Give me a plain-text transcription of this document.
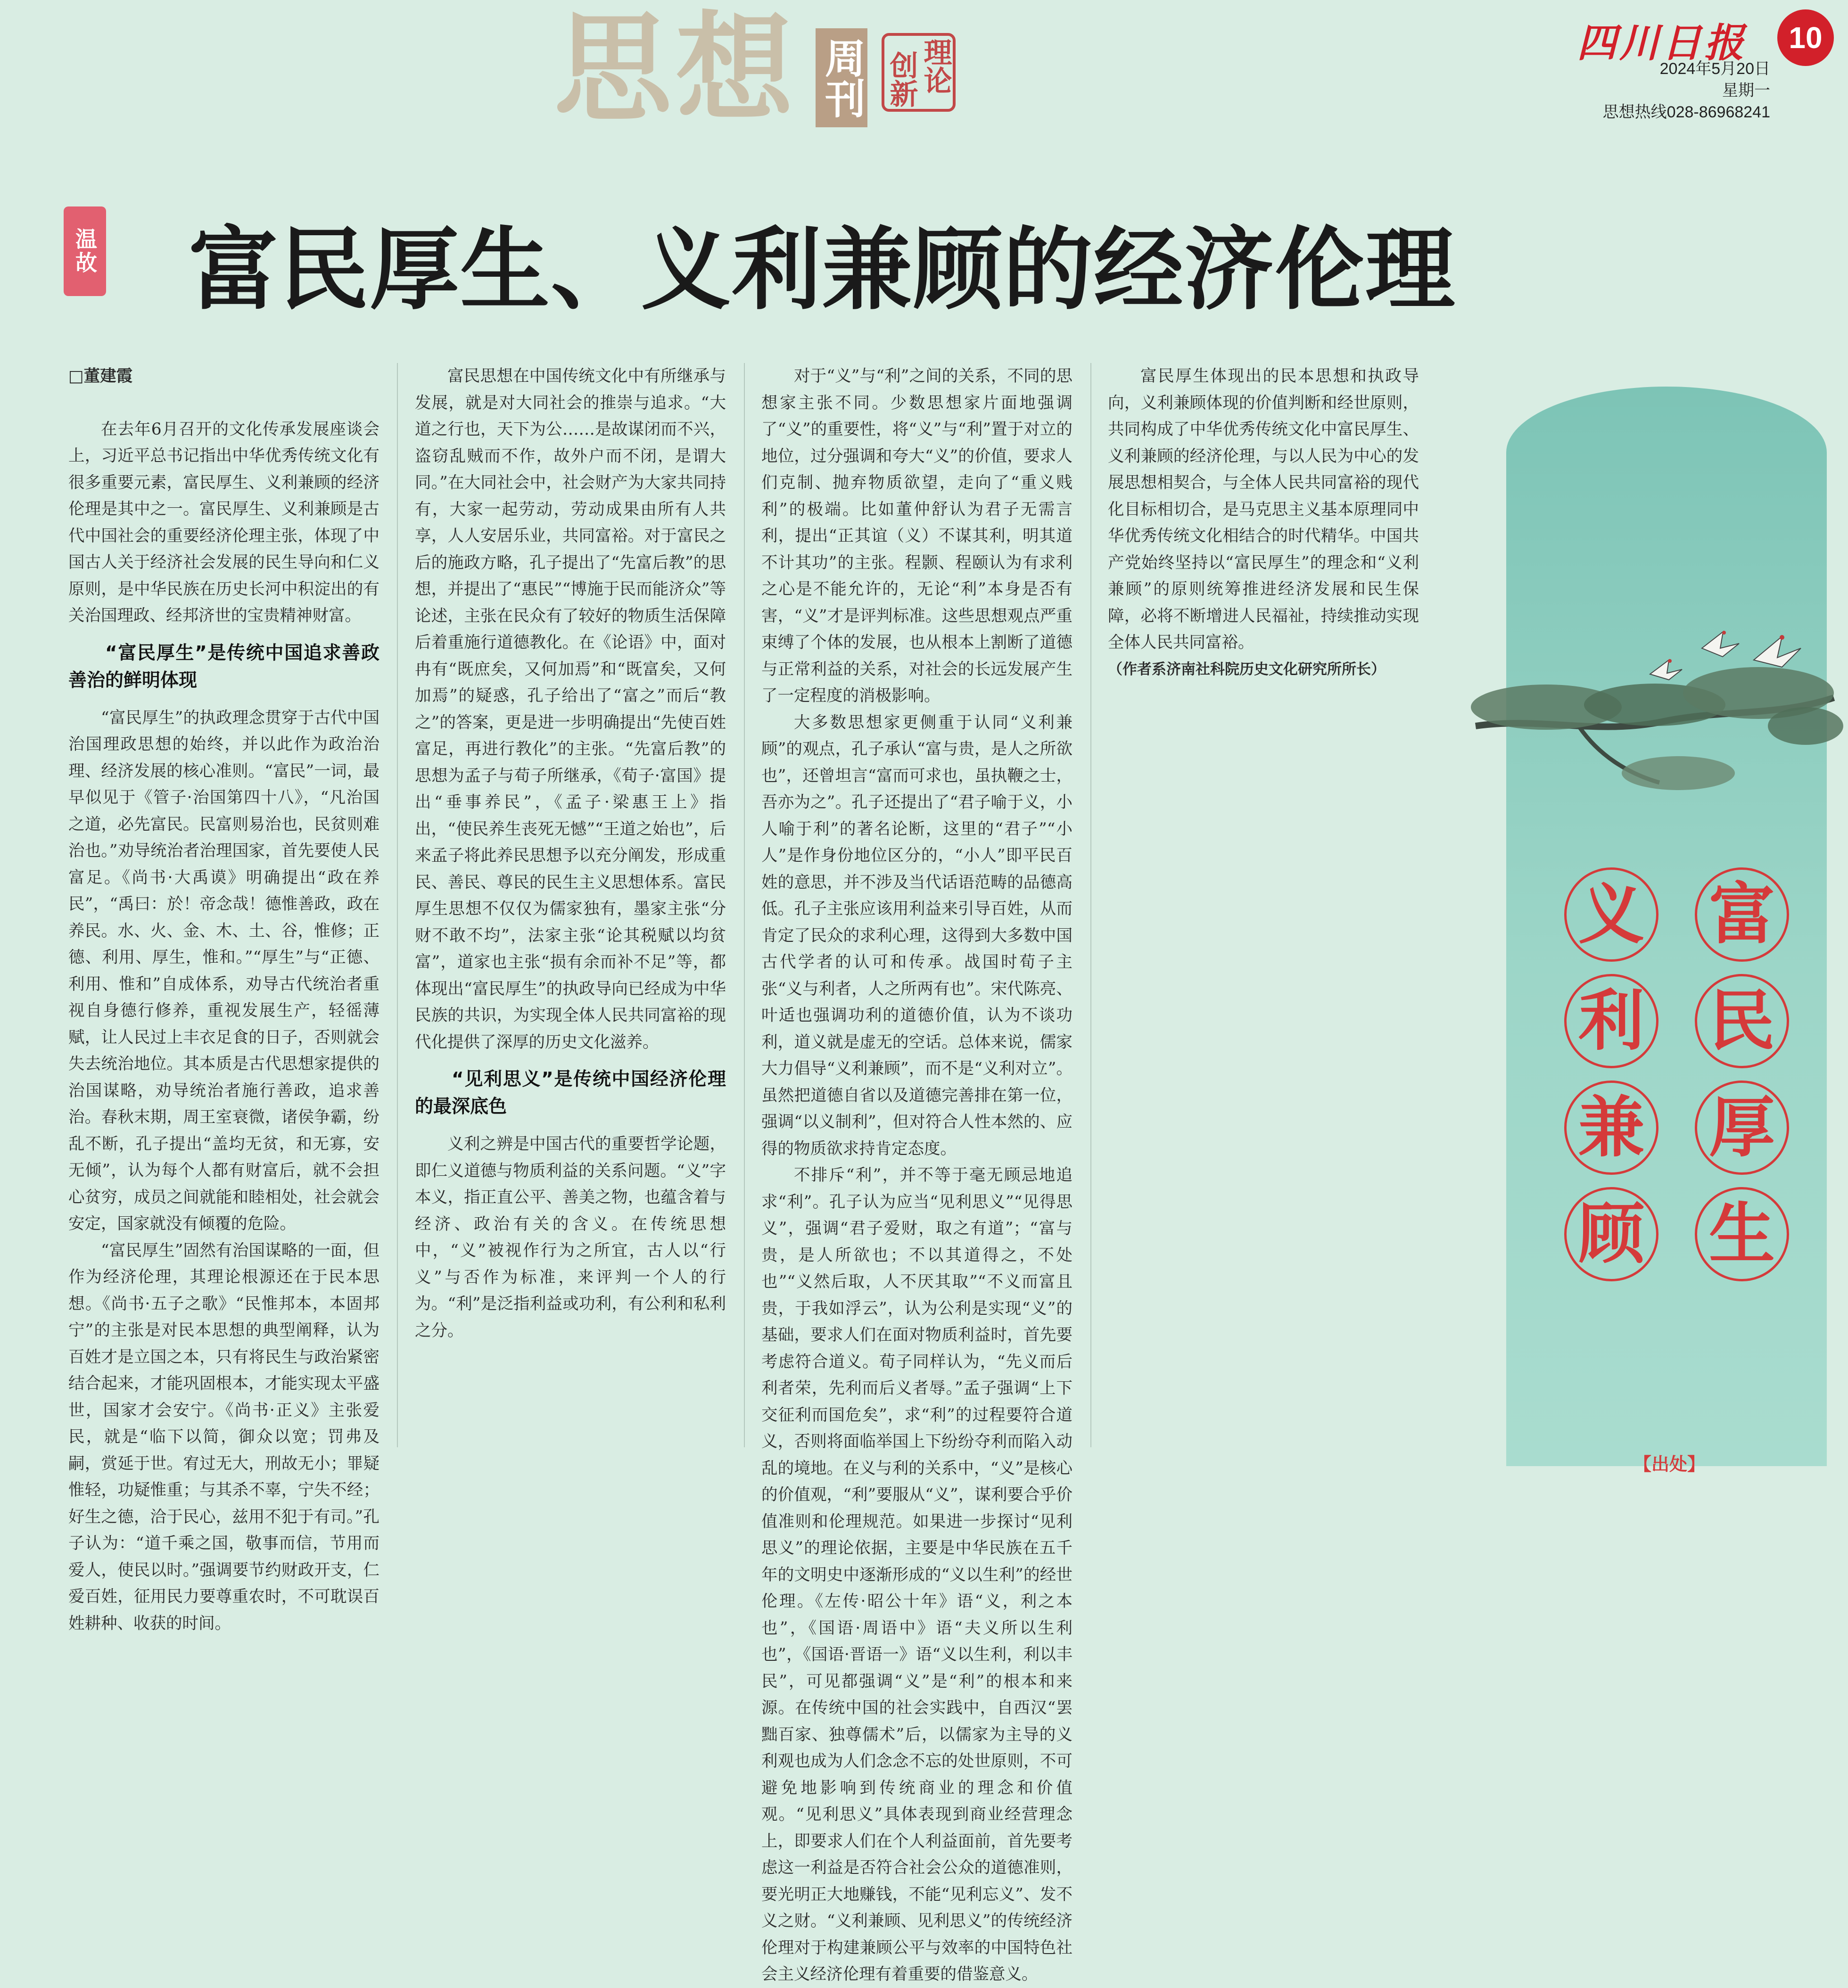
思想 周刊 理论
创新
四川日报	10
2024年5月20日
星期一
思想热线028-86968241
温故 富民厚生、义利兼顾的经济伦理

□董建霞

在去年6月召开的文化传承发展座谈会上，习近平总书记指出中华优秀传统文化有很多重要元素，富民厚生、义利兼顾的经济伦理是其中之一。富民厚生、义利兼顾是古代中国社会的重要经济伦理主张，体现了中国古人关于经济社会发展的民生导向和仁义原则，是中华民族在历史长河中积淀出的有关治国理政、经邦济世的宝贵精神财富。

“富民厚生”是传统中国追求善政善治的鲜明体现

“富民厚生”的执政理念贯穿于古代中国治国理政思想的始终，并以此作为政治治理、经济发展的核心准则。“富民”一词，最早似见于《管子·治国第四十八》，“凡治国之道，必先富民。民富则易治也，民贫则难治也。”劝导统治者治理国家，首先要使人民富足。《尚书·大禹谟》明确提出“政在养民”，“禹曰：於！帝念哉！德惟善政，政在养民。水、火、金、木、土、谷，惟修；正德、利用、厚生，惟和。”“厚生”与“正德、利用、惟和”自成体系，劝导古代统治者重视自身德行修养，重视发展生产，轻徭薄赋，让人民过上丰衣足食的日子，否则就会失去统治地位。其本质是古代思想家提供的治国谋略，劝导统治者施行善政，追求善治。春秋末期，周王室衰微，诸侯争霸，纷乱不断，孔子提出“盖均无贫，和无寡，安无倾”，认为每个人都有财富后，就不会担心贫穷，成员之间就能和睦相处，社会就会安定，国家就没有倾覆的危险。

“富民厚生”固然有治国谋略的一面，但作为经济伦理，其理论根源还在于民本思想。《尚书·五子之歌》“民惟邦本，本固邦宁”的主张是对民本思想的典型阐释，认为百姓才是立国之本，只有将民生与政治紧密结合起来，才能巩固根本，才能实现太平盛世，国家才会安宁。《尚书·正义》主张爱民，就是“临下以简，御众以宽；罚弗及嗣，赏延于世。宥过无大，刑故无小；罪疑惟轻，功疑惟重；与其杀不辜，宁失不经；好生之德，洽于民心，兹用不犯于有司。”孔子认为：“道千乘之国，敬事而信，节用而爱人，使民以时。”强调要节约财政开支，仁爱百姓，征用民力要尊重农时，不可耽误百姓耕种、收获的时间。

富民思想在中国传统文化中有所继承与发展，就是对大同社会的推崇与追求。“大道之行也，天下为公……是故谋闭而不兴，盗窃乱贼而不作，故外户而不闭，是谓大同。”在大同社会中，社会财产为大家共同持有，大家一起劳动，劳动成果由所有人共享，人人安居乐业，共同富裕。对于富民之后的施政方略，孔子提出了“先富后教”的思想，并提出了“惠民”“博施于民而能济众”等论述，主张在民众有了较好的物质生活保障后着重施行道德教化。在《论语》中，面对冉有“既庶矣，又何加焉”和“既富矣，又何加焉”的疑惑，孔子给出了“富之”而后“教之”的答案，更是进一步明确提出“先使百姓富足，再进行教化”的主张。“先富后教”的思想为孟子与荀子所继承，《荀子·富国》提出“垂事养民”，《孟子·梁惠王上》指出，“使民养生丧死无憾”“王道之始也”，后来孟子将此养民思想予以充分阐发，形成重民、善民、尊民的民生主义思想体系。富民厚生思想不仅仅为儒家独有，墨家主张“分财不敢不均”，法家主张“论其税赋以均贫富”，道家也主张“损有余而补不足”等，都体现出“富民厚生”的执政导向已经成为中华民族的共识，为实现全体人民共同富裕的现代化提供了深厚的历史文化滋养。

“见利思义”是传统中国经济伦理的最深底色

义利之辨是中国古代的重要哲学论题，即仁义道德与物质利益的关系问题。“义”字本义，指正直公平、善美之物，也蕴含着与经济、政治有关的含义。在传统思想中，“义”被视作行为之所宜，古人以“行义”与否作为标准，来评判一个人的行为。“利”是泛指利益或功利，有公利和私利之分。

对于“义”与“利”之间的关系，不同的思想家主张不同。少数思想家片面地强调了“义”的重要性，将“义”与“利”置于对立的地位，过分强调和夸大“义”的价值，要求人们克制、抛弃物质欲望，走向了“重义贱利”的极端。比如董仲舒认为君子无需言利，提出“正其谊（义）不谋其利，明其道不计其功”的主张。程颢、程颐认为有求利之心是不能允许的，无论“利”本身是否有害，“义”才是评判标准。这些思想观点严重束缚了个体的发展，也从根本上割断了道德与正常利益的关系，对社会的长远发展产生了一定程度的消极影响。

大多数思想家更侧重于认同“义利兼顾”的观点，孔子承认“富与贵，是人之所欲也”，还曾坦言“富而可求也，虽执鞭之士，吾亦为之”。孔子还提出了“君子喻于义，小人喻于利”的著名论断，这里的“君子”“小人”是作身份地位区分的，“小人”即平民百姓的意思，并不涉及当代话语范畴的品德高低。孔子主张应该用利益来引导百姓，从而肯定了民众的求利心理，这得到大多数中国古代学者的认可和传承。战国时荀子主张“义与利者，人之所两有也”。宋代陈亮、叶适也强调功利的道德价值，认为不谈功利，道义就是虚无的空话。总体来说，儒家大力倡导“义利兼顾”，而不是“义利对立”。虽然把道德自省以及道德完善排在第一位，强调“以义制利”，但对符合人性本然的、应得的物质欲求持肯定态度。

不排斥“利”，并不等于毫无顾忌地追求“利”。孔子认为应当“见利思义”“见得思义”，强调“君子爱财，取之有道”；“富与贵，是人所欲也；不以其道得之，不处也”“义然后取，人不厌其取”“不义而富且贵，于我如浮云”，认为公利是实现“义”的基础，要求人们在面对物质利益时，首先要考虑符合道义。荀子同样认为，“先义而后利者荣，先利而后义者辱。”孟子强调“上下交征利而国危矣”，求“利”的过程要符合道义，否则将面临举国上下纷纷夺利而陷入动乱的境地。在义与利的关系中，“义”是核心的价值观，“利”要服从“义”，谋利要合乎价值准则和伦理规范。如果进一步探讨“见利思义”的理论依据，主要是中华民族在五千年的文明史中逐渐形成的“义以生利”的经世伦理。《左传·昭公十年》语“义，利之本也”，《国语·周语中》语“夫义所以生利也”，《国语·晋语一》语“义以生利，利以丰民”，可见都强调“义”是“利”的根本和来源。在传统中国的社会实践中，自西汉“罢黜百家、独尊儒术”后，以儒家为主导的义利观也成为人们念念不忘的处世原则，不可避免地影响到传统商业的理念和价值观。“见利思义”具体表现到商业经营理念上，即要求人们在个人利益面前，首先要考虑这一利益是否符合社会公众的道德准则，要光明正大地赚钱，不能“见利忘义”、发不义之财。“义利兼顾、见利思义”的传统经济伦理对于构建兼顾公平与效率的中国特色社会主义经济伦理有着重要的借鉴意义。

富民厚生体现出的民本思想和执政导向，义利兼顾体现的价值判断和经世原则，共同构成了中华优秀传统文化中富民厚生、义利兼顾的经济伦理，与以人民为中心的发展思想相契合，与全体人民共同富裕的现代化目标相切合，是马克思主义基本原理同中华优秀传统文化相结合的时代精华。中国共产党始终坚持以“富民厚生”的理念和“义利兼顾”的原则统筹推进经济发展和民生保障，必将不断增进人民福祉，持续推动实现全体人民共同富裕。

（作者系济南社科院历史文化研究所所长）

富
民
厚
生
义
利
兼
顾
【出处】
